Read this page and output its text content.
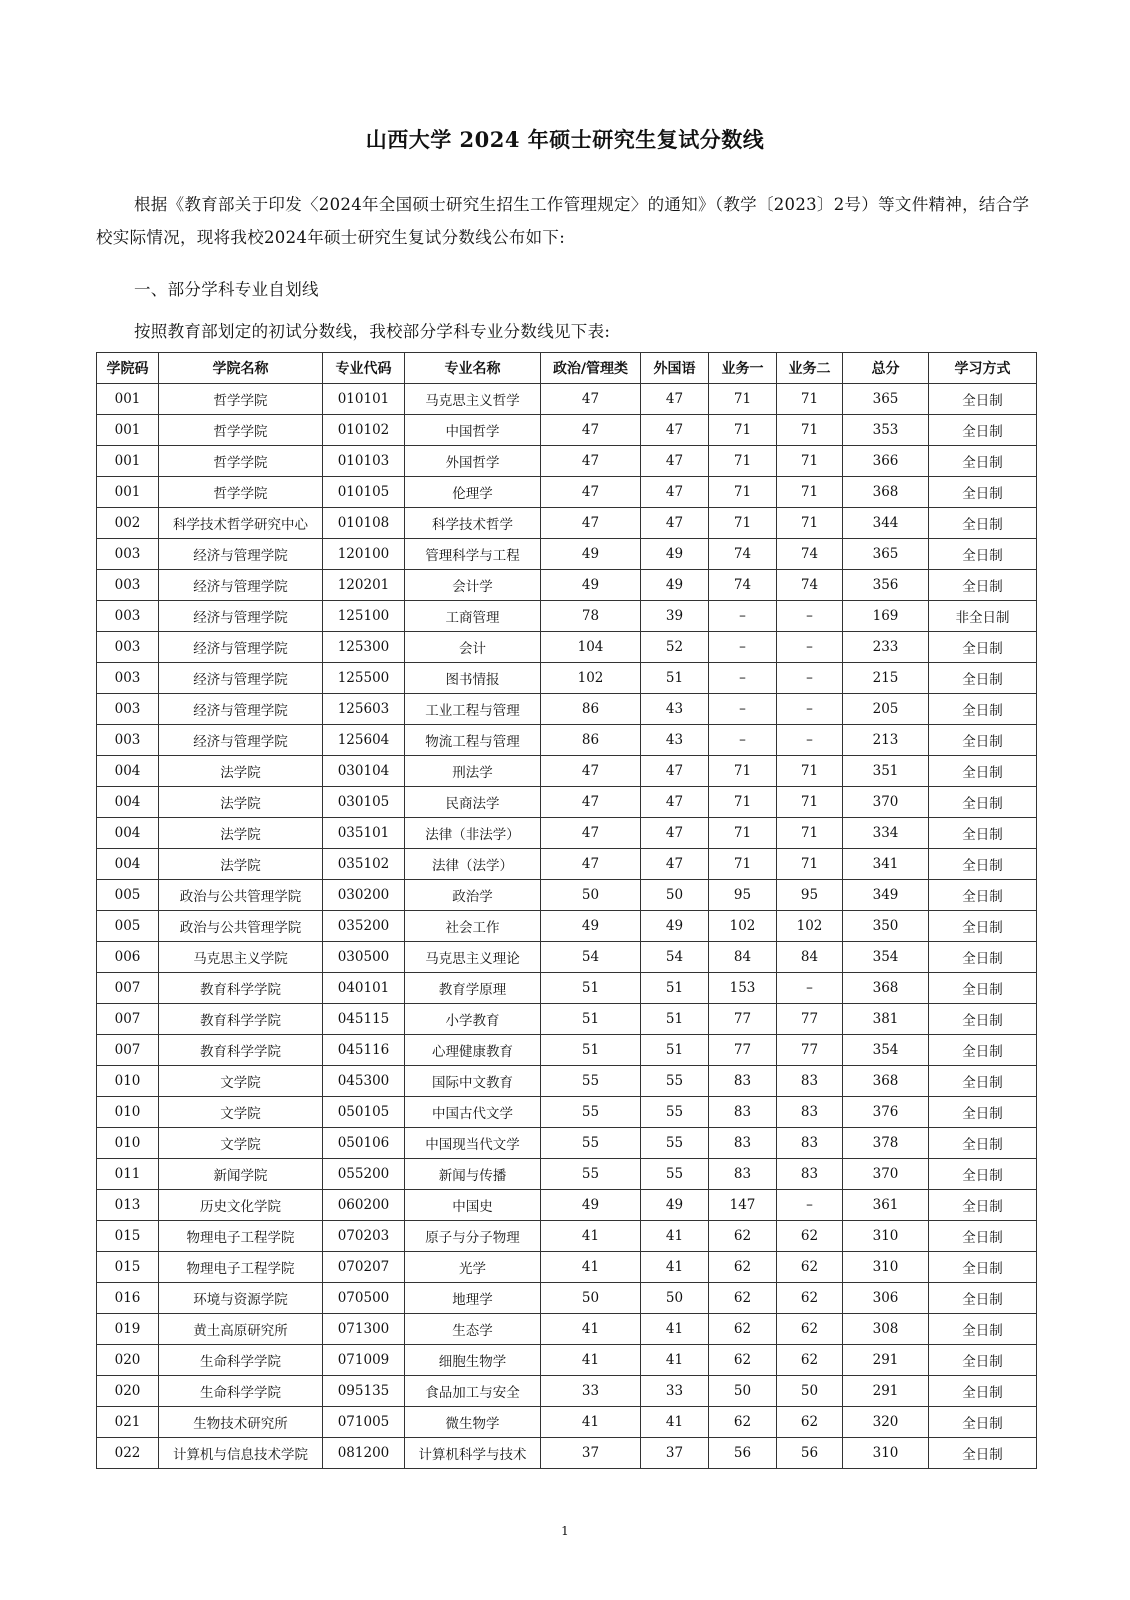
山西大学 2024 年硕士研究生复试分数线
根据《教育部关于印发〈2024年全国硕士研究生招生工作管理规定〉的通知》（教学〔2023〕2号）等文件精神，结合学校实际情况，现将我校2024年硕士研究生复试分数线公布如下:
一、部分学科专业自划线
按照教育部划定的初试分数线，我校部分学科专业分数线见下表:
学院码	学院名称	专业代码	专业名称	政治/管理类	外国语	业务一	业务二	总分	学习方式
001	哲学学院	010101	马克思主义哲学	47	47	71	71	365	全日制
001	哲学学院	010102	中国哲学	47	47	71	71	353	全日制
001	哲学学院	010103	外国哲学	47	47	71	71	366	全日制
001	哲学学院	010105	伦理学	47	47	71	71	368	全日制
002	科学技术哲学研究中心	010108	科学技术哲学	47	47	71	71	344	全日制
003	经济与管理学院	120100	管理科学与工程	49	49	74	74	365	全日制
003	经济与管理学院	120201	会计学	49	49	74	74	356	全日制
003	经济与管理学院	125100	工商管理	78	39	–	–	169	非全日制
003	经济与管理学院	125300	会计	104	52	–	–	233	全日制
003	经济与管理学院	125500	图书情报	102	51	–	–	215	全日制
003	经济与管理学院	125603	工业工程与管理	86	43	–	–	205	全日制
003	经济与管理学院	125604	物流工程与管理	86	43	–	–	213	全日制
004	法学院	030104	刑法学	47	47	71	71	351	全日制
004	法学院	030105	民商法学	47	47	71	71	370	全日制
004	法学院	035101	法律（非法学）	47	47	71	71	334	全日制
004	法学院	035102	法律（法学）	47	47	71	71	341	全日制
005	政治与公共管理学院	030200	政治学	50	50	95	95	349	全日制
005	政治与公共管理学院	035200	社会工作	49	49	102	102	350	全日制
006	马克思主义学院	030500	马克思主义理论	54	54	84	84	354	全日制
007	教育科学学院	040101	教育学原理	51	51	153	–	368	全日制
007	教育科学学院	045115	小学教育	51	51	77	77	381	全日制
007	教育科学学院	045116	心理健康教育	51	51	77	77	354	全日制
010	文学院	045300	国际中文教育	55	55	83	83	368	全日制
010	文学院	050105	中国古代文学	55	55	83	83	376	全日制
010	文学院	050106	中国现当代文学	55	55	83	83	378	全日制
011	新闻学院	055200	新闻与传播	55	55	83	83	370	全日制
013	历史文化学院	060200	中国史	49	49	147	–	361	全日制
015	物理电子工程学院	070203	原子与分子物理	41	41	62	62	310	全日制
015	物理电子工程学院	070207	光学	41	41	62	62	310	全日制
016	环境与资源学院	070500	地理学	50	50	62	62	306	全日制
019	黄土高原研究所	071300	生态学	41	41	62	62	308	全日制
020	生命科学学院	071009	细胞生物学	41	41	62	62	291	全日制
020	生命科学学院	095135	食品加工与安全	33	33	50	50	291	全日制
021	生物技术研究所	071005	微生物学	41	41	62	62	320	全日制
022	计算机与信息技术学院	081200	计算机科学与技术	37	37	56	56	310	全日制
1
